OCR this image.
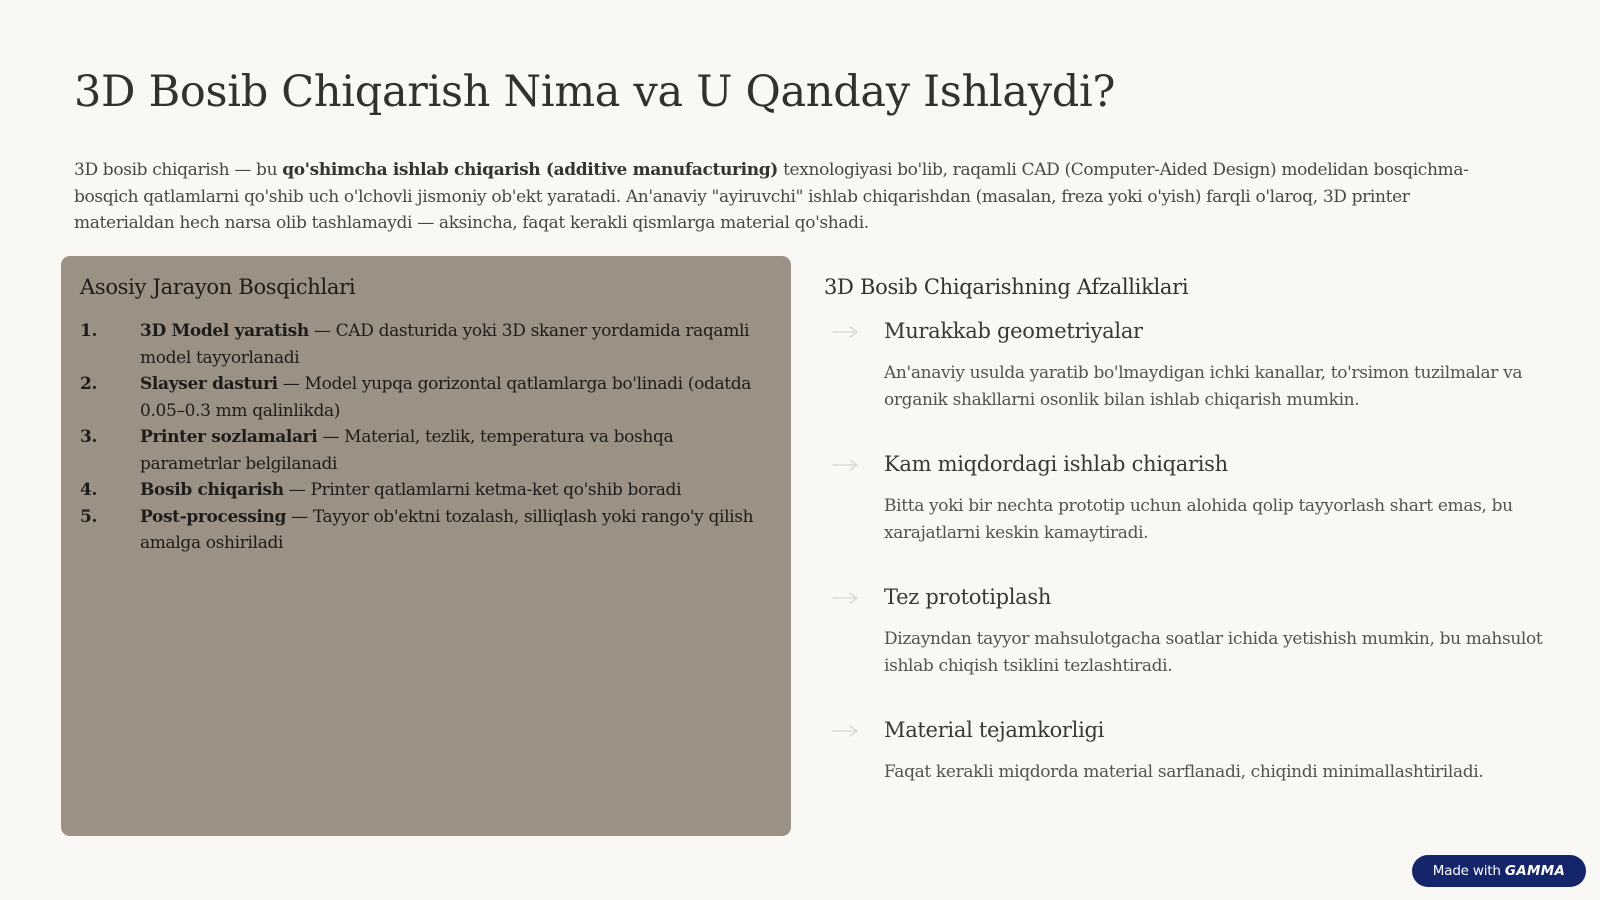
3D Bosib Chiqarish Nima va U Qanday Ishlaydi?

3D bosib chiqarish — bu qo'shimcha ishlab chiqarish (additive manufacturing) texnologiyasi bo'lib, raqamli CAD (Computer-Aided Design) modelidan bosqichma-bosqich qatlamlarni qo'shib uch o'lchovli jismoniy ob'ekt yaratadi. An'anaviy "ayiruvchi" ishlab chiqarishdan (masalan, freza yoki o'yish) farqli o'laroq, 3D printer materialdan hech narsa olib tashlamaydi — aksincha, faqat kerakli qismlarga material qo'shadi.

Asosiy Jarayon Bosqichlari
1.	3D Model yaratish — CAD dasturida yoki 3D skaner yordamida raqamli model tayyorlanadi
2.	Slayser dasturi — Model yupqa gorizontal qatlamlarga bo'linadi (odatda 0.05–0.3 mm qalinlikda)
3.	Printer sozlamalari — Material, tezlik, temperatura va boshqa parametrlar belgilanadi
4.	Bosib chiqarish — Printer qatlamlarni ketma-ket qo'shib boradi
5.	Post-processing — Tayyor ob'ektni tozalash, silliqlash yoki rango'y qilish amalga oshiriladi
3D Bosib Chiqarishning Afzalliklari
Murakkab geometriyalar

An'anaviy usulda yaratib bo'lmaydigan ichki kanallar, to'rsimon tuzilmalar va organik shakllarni osonlik bilan ishlab chiqarish mumkin.

Kam miqdordagi ishlab chiqarish

Bitta yoki bir nechta prototip uchun alohida qolip tayyorlash shart emas, bu xarajatlarni keskin kamaytiradi.

Tez prototiplash

Dizayndan tayyor mahsulotgacha soatlar ichida yetishish mumkin, bu mahsulot ishlab chiqish tsiklini tezlashtiradi.

Material tejamkorligi

Faqat kerakli miqdorda material sarflanadi, chiqindi minimallashtiriladi.

Made with GAMMA
